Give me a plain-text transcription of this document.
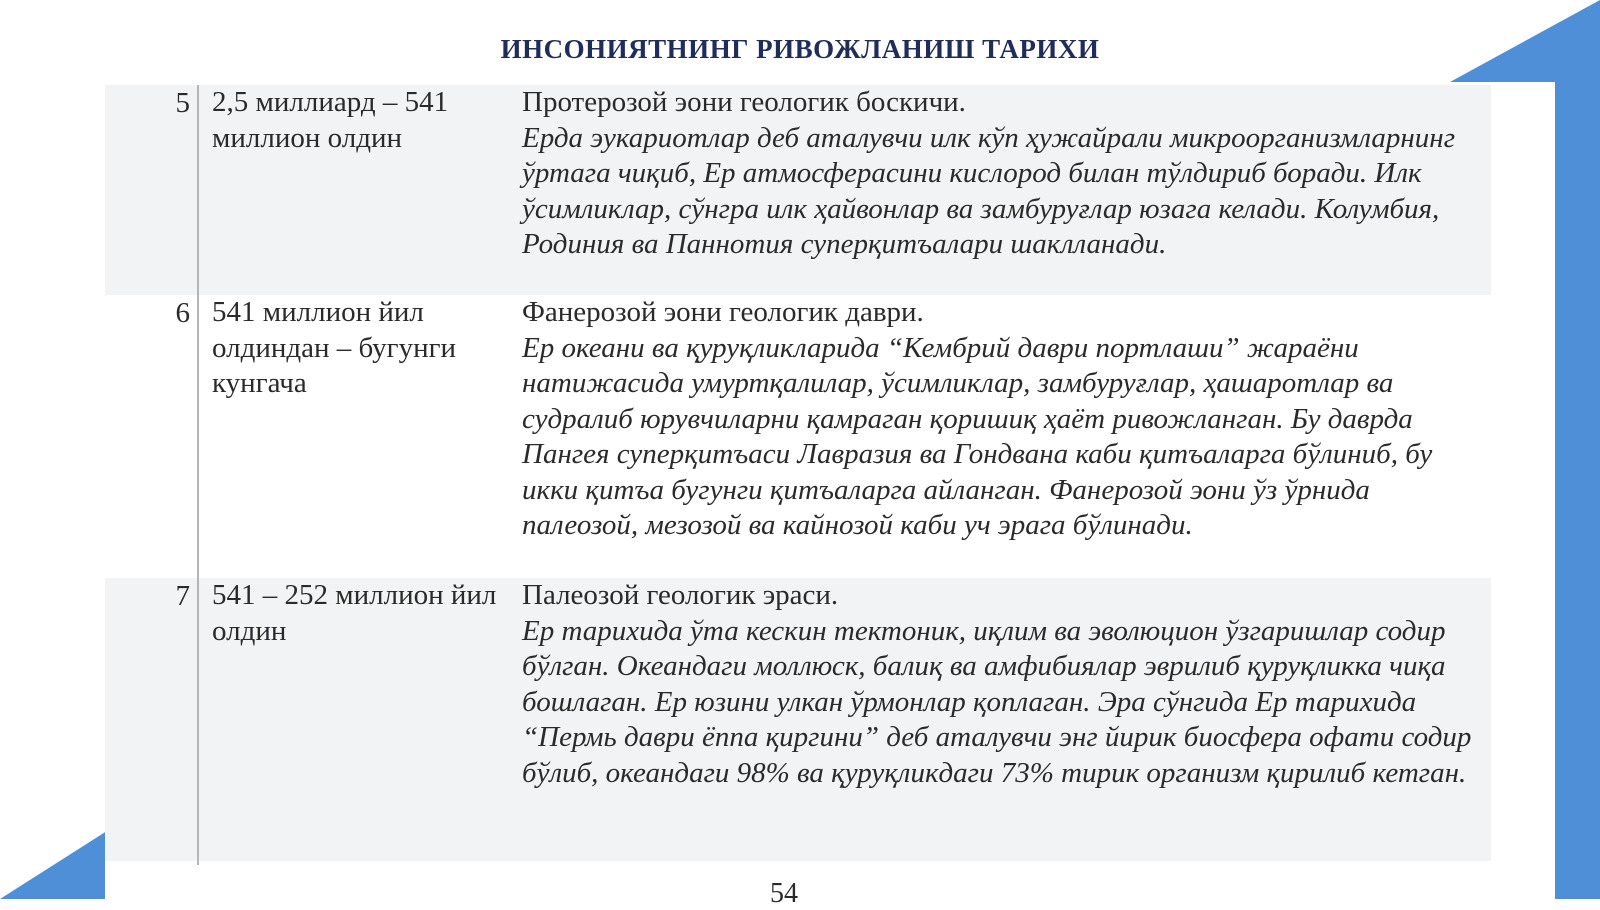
ИНСОНИЯТНИНГ РИВОЖЛАНИШ ТАРИХИ
5 2,5 миллиард – 541 миллион олдин
Протерозой эони геологик боскичи.
Ерда эукариотлар деб аталувчи илк кўп ҳужайрали микроорганизмларнинг ўртага чиқиб, Ер атмосферасини кислород билан тўлдириб боради. Илк ўсимликлар, сўнгра илк ҳайвонлар ва замбуруғлар юзага келади. Колумбия, Родиния ва Паннотия суперқитъалари шаклланади.
6 541 миллион йил олдиндан – бугунги кунгача
Фанерозой эони геологик даври.
Ер океани ва қуруқликларида “Кембрий даври портлаши” жараёни натижасида умуртқалилар, ўсимликлар, замбуруғлар, ҳашаротлар ва судралиб юрувчиларни қамраган қоришиқ ҳаёт ривожланган. Бу даврда Пангея суперқитъаси Лавразия ва Гондвана каби қитъаларга бўлиниб, бу икки қитъа бугунги қитъаларга айланган. Фанерозой эони ўз ўрнида палеозой, мезозой ва кайнозой каби уч эрага бўлинади.
7 541 – 252 миллион йил олдин
Палеозой геологик эраси.
Ер тарихида ўта кескин тектоник, иқлим ва эволюцион ўзгаришлар содир бўлган. Океандаги моллюск, балиқ ва амфибиялар эврилиб қуруқликка чиқа бошлаган. Ер юзини улкан ўрмонлар қоплаган. Эра сўнгида Ер тарихида “Пермь даври ёппа қиргини” деб аталувчи энг йирик биосфера офати содир бўлиб, океандаги 98% ва қуруқликдаги 73% тирик организм қирилиб кетган.
54
